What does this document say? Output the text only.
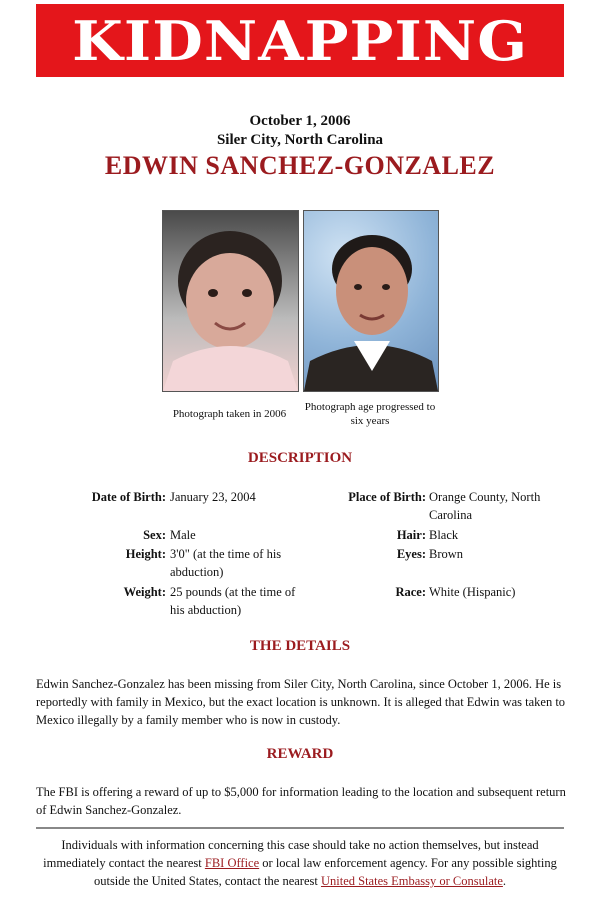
KIDNAPPING
October 1, 2006
Siler City, North Carolina
EDWIN SANCHEZ-GONZALEZ
Photograph taken in 2006
Photograph age progressed to six years
DESCRIPTION
Date of Birth: January 23, 2004
Sex: Male
Height: 3'0" (at the time of his abduction)
Weight: 25 pounds (at the time of his abduction)
Place of Birth: Orange County, North Carolina
Hair: Black
Eyes: Brown
Race: White (Hispanic)
THE DETAILS
Edwin Sanchez-Gonzalez has been missing from Siler City, North Carolina, since October 1, 2006. He is reportedly with family in Mexico, but the exact location is unknown. It is alleged that Edwin was taken to Mexico illegally by a family member who is now in custody.
REWARD
The FBI is offering a reward of up to $5,000 for information leading to the location and subsequent return of Edwin Sanchez-Gonzalez.
Individuals with information concerning this case should take no action themselves, but instead immediately contact the nearest FBI Office or local law enforcement agency. For any possible sighting outside the United States, contact the nearest United States Embassy or Consulate.
